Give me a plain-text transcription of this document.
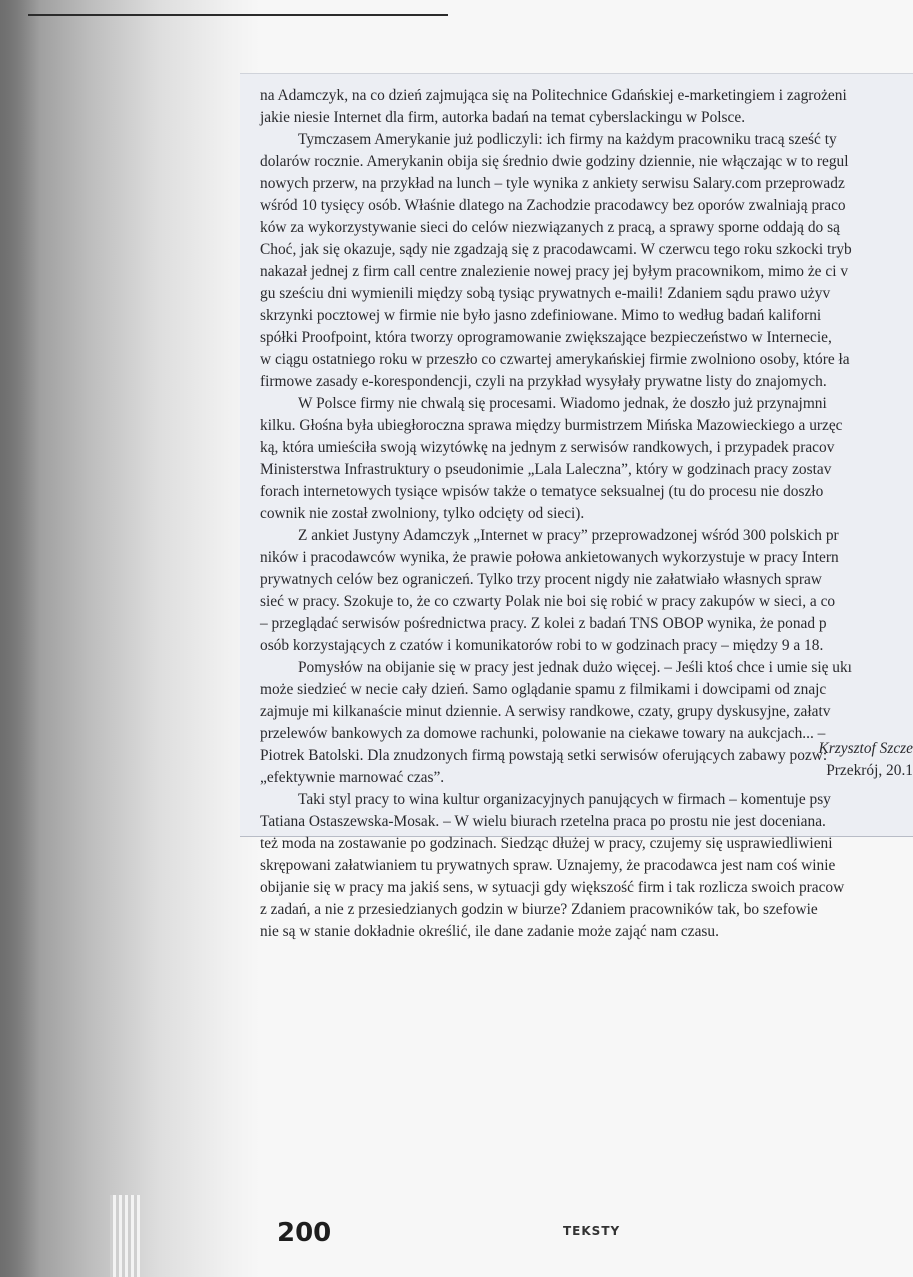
na Adamczyk, na co dzień zajmująca się na Politechnice Gdańskiej e-marketingiem i zagrożeni
jakie niesie Internet dla firm, autorka badań na temat cyberslackingu w Polsce.

Tymczasem Amerykanie już podliczyli: ich firmy na każdym pracowniku tracą sześć ty
dolarów rocznie. Amerykanin obija się średnio dwie godziny dziennie, nie włączając w to regul
nowych przerw, na przykład na lunch – tyle wynika z ankiety serwisu Salary.com przeprowadz
wśród 10 tysięcy osób. Właśnie dlatego na Zachodzie pracodawcy bez oporów zwalniają praco
ków za wykorzystywanie sieci do celów niezwiązanych z pracą, a sprawy sporne oddają do są
Choć, jak się okazuje, sądy nie zgadzają się z pracodawcami. W czerwcu tego roku szkocki tryb
nakazał jednej z firm call centre znalezienie nowej pracy jej byłym pracownikom, mimo że ci v
gu sześciu dni wymienili między sobą tysiąc prywatnych e-maili! Zdaniem sądu prawo użyv
skrzynki pocztowej w firmie nie było jasno zdefiniowane. Mimo to według badań kaliforni
spółki Proofpoint, która tworzy oprogramowanie zwiększające bezpieczeństwo w Internecie,
w ciągu ostatniego roku w przeszło co czwartej amerykańskiej firmie zwolniono osoby, które ła
firmowe zasady e-korespondencji, czyli na przykład wysyłały prywatne listy do znajomych.

W Polsce firmy nie chwalą się procesami. Wiadomo jednak, że doszło już przynajmni
kilku. Głośna była ubiegłoroczna sprawa między burmistrzem Mińska Mazowieckiego a urzęc
ką, która umieściła swoją wizytówkę na jednym z serwisów randkowych, i przypadek pracov
Ministerstwa Infrastruktury o pseudonimie „Lala Laleczna”, który w godzinach pracy zostav
forach internetowych tysiące wpisów także o tematyce seksualnej (tu do procesu nie doszło
cownik nie został zwolniony, tylko odcięty od sieci).

Z ankiet Justyny Adamczyk „Internet w pracy” przeprowadzonej wśród 300 polskich pr
ników i pracodawców wynika, że prawie połowa ankietowanych wykorzystuje w pracy Intern
prywatnych celów bez ograniczeń. Tylko trzy procent nigdy nie załatwiało własnych spraw
sieć w pracy. Szokuje to, że co czwarty Polak nie boi się robić w pracy zakupów w sieci, a co
– przeglądać serwisów pośrednictwa pracy. Z kolei z badań TNS OBOP wynika, że ponad p
osób korzystających z czatów i komunikatorów robi to w godzinach pracy – między 9 a 18.

Pomysłów na obijanie się w pracy jest jednak dużo więcej. – Jeśli ktoś chce i umie się ukı
może siedzieć w necie cały dzień. Samo oglądanie spamu z filmikami i dowcipami od znajc
zajmuje mi kilkanaście minut dziennie. A serwisy randkowe, czaty, grupy dyskusyjne, załatv
przelewów bankowych za domowe rachunki, polowanie na ciekawe towary na aukcjach... –
Piotrek Batolski. Dla znudzonych firmą powstają setki serwisów oferujących zabawy pozw:
„efektywnie marnować czas”.

Taki styl pracy to wina kultur organizacyjnych panujących w firmach – komentuje psy
Tatiana Ostaszewska-Mosak. – W wielu biurach rzetelna praca po prostu nie jest doceniana.
też moda na zostawanie po godzinach. Siedząc dłużej w pracy, czujemy się usprawiedliwieni
skrępowani załatwianiem tu prywatnych spraw. Uznajemy, że pracodawca jest nam coś winie
obijanie się w pracy ma jakiś sens, w sytuacji gdy większość firm i tak rozlicza swoich pracow
z zadań, a nie z przesiedzianych godzin w biurze? Zdaniem pracowników tak, bo szefowie
nie są w stanie dokładnie określić, ile dane zadanie może zająć nam czasu.

Krzysztof Szcze
Przekrój, 20.1
200	TEKSTY
